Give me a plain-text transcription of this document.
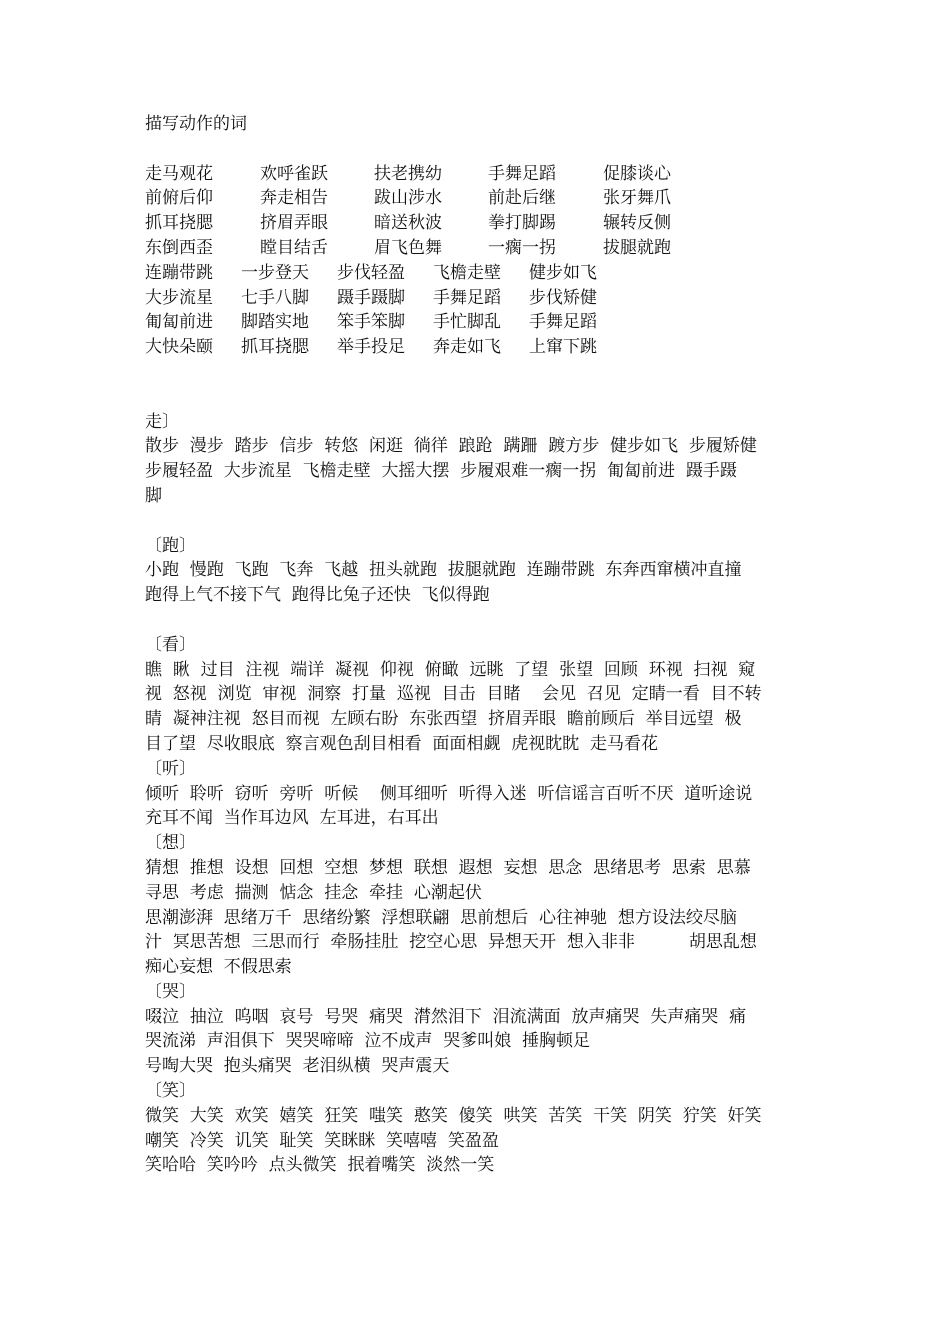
描写动作的词
走马观花	欢呼雀跃	扶老携幼	手舞足蹈	促膝谈心
前俯后仰	奔走相告	跋山涉水	前赴后继	张牙舞爪
抓耳挠腮	挤眉弄眼	暗送秋波	拳打脚踢	辗转反侧
东倒西歪	瞠目结舌	眉飞色舞	一瘸一拐	拔腿就跑
连蹦带跳	一步登天	步伐轻盈	飞檐走壁	健步如飞
大步流星	七手八脚	蹑手蹑脚	手舞足蹈	步伐矫健
匍匐前进	脚踏实地	笨手笨脚	手忙脚乱	手舞足蹈
大快朵颐	抓耳挠腮	举手投足	奔走如飞	上窜下跳
走〕
散步  漫步  踏步  信步  转悠  闲逛  徜徉  踉跄  蹒跚  踱方步  健步如飞  步履矫健
步履轻盈  大步流星  飞檐走壁  大摇大摆  步履艰难一瘸一拐  匍匐前进  蹑手蹑
脚
〔跑〕
小跑  慢跑  飞跑  飞奔  飞越  扭头就跑  拔腿就跑  连蹦带跳  东奔西窜横冲直撞
跑得上气不接下气  跑得比兔子还快  飞似得跑
〔看〕
瞧  瞅  过目  注视  端详  凝视  仰视  俯瞰  远眺  了望  张望  回顾  环视  扫视  窥
视  怒视  浏览  审视  洞察  打量  巡视  目击  目睹    会见  召见  定睛一看  目不转
睛  凝神注视  怒目而视  左顾右盼  东张西望  挤眉弄眼  瞻前顾后  举目远望  极
目了望  尽收眼底  察言观色刮目相看  面面相觑  虎视眈眈  走马看花
〔听〕
倾听  聆听  窃听  旁听  听候    侧耳细听  听得入迷  听信谣言百听不厌  道听途说
充耳不闻  当作耳边风  左耳进，右耳出
〔想〕
猜想  推想  设想  回想  空想  梦想  联想  遐想  妄想  思念  思绪思考  思索  思慕
寻思  考虑  揣测  惦念  挂念  牵挂  心潮起伏
思潮澎湃  思绪万千  思绪纷繁  浮想联翩  思前想后  心往神驰  想方设法绞尽脑
汁  冥思苦想  三思而行  牵肠挂肚  挖空心思  异想天开  想入非非          胡思乱想
痴心妄想  不假思索
〔哭〕
啜泣  抽泣  呜咽  哀号  号哭  痛哭  潸然泪下  泪流满面  放声痛哭  失声痛哭  痛
哭流涕  声泪俱下  哭哭啼啼  泣不成声  哭爹叫娘  捶胸顿足
号啕大哭  抱头痛哭  老泪纵横  哭声震天
〔笑〕
微笑  大笑  欢笑  嬉笑  狂笑  嗤笑  憨笑  傻笑  哄笑  苦笑  干笑  阴笑  狞笑  奸笑
嘲笑  冷笑  讥笑  耻笑  笑眯眯  笑嘻嘻  笑盈盈
笑哈哈  笑吟吟  点头微笑  抿着嘴笑  淡然一笑
